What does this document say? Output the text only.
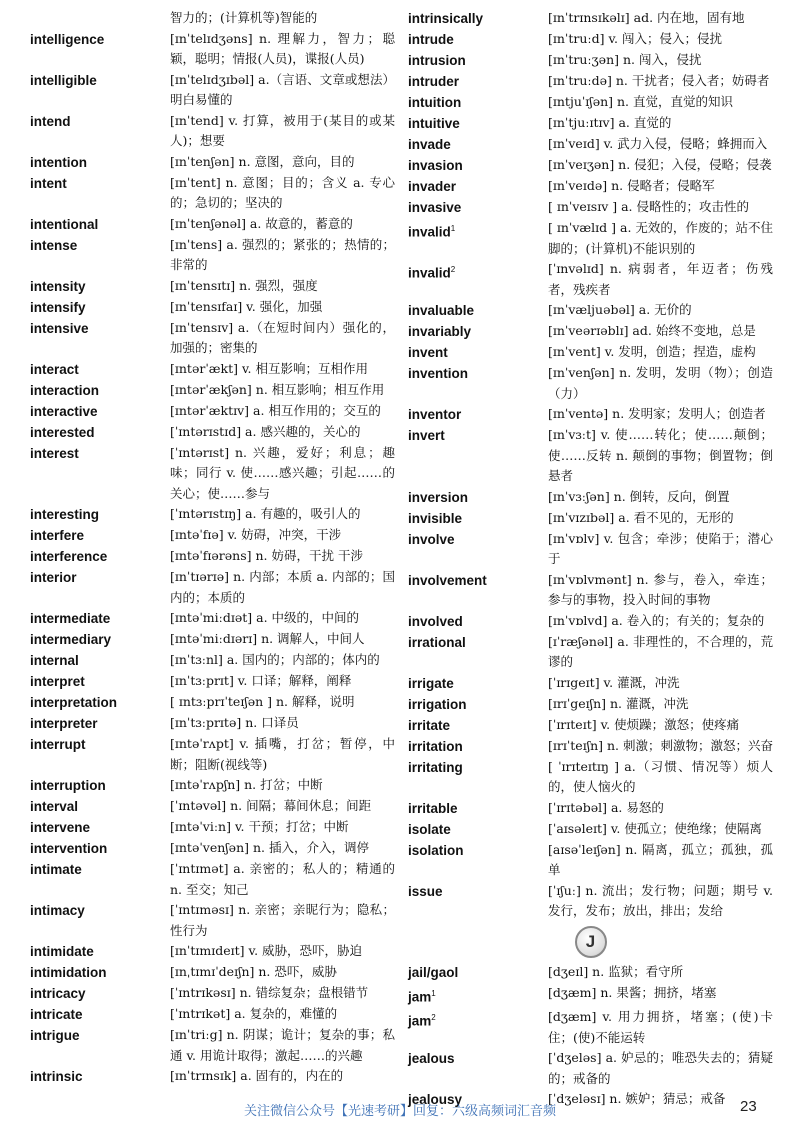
智力的；(计算机等)智能的
intelligence	[ɪnˈtelɪdʒəns] n. 理解力，智力；聪颖，聪明；情报(人员)，谍报(人员)
intelligible	[ɪnˈtelɪdʒɪbəl] a.（言语、文章或想法）明白易懂的
intend	[ɪnˈtend] v. 打算，被用于(某目的或某人)；想要
intention	[ɪnˈtenʃən] n. 意图，意向，目的
intent	[ɪnˈtent] n. 意图；目的；含义 a. 专心的；急切的；坚决的
intentional	[ɪnˈtenʃənəl] a. 故意的，蓄意的
intense	[ɪnˈtens] a. 强烈的；紧张的；热情的；非常的
intensity	[ɪnˈtensɪtɪ] n. 强烈，强度
intensify	[ɪnˈtensɪfaɪ] v. 强化，加强
intensive	[ɪnˈtensɪv] a.（在短时间内）强化的，加强的；密集的
interact	[ɪntərˈækt] v. 相互影响；互相作用
interaction	[ɪntərˈækʃən] n. 相互影响；相互作用
interactive	[ɪntərˈæktɪv] a. 相互作用的；交互的
interested	[ˈɪntərɪstɪd] a. 感兴趣的，关心的
interest	[ˈɪntərɪst] n. 兴趣，爱好；利息；趣味；同行 v. 使……感兴趣；引起……的关心；使……参与
interesting	[ˈɪntərɪstɪŋ] a. 有趣的，吸引人的
interfere	[ɪntəˈfɪə] v. 妨碍，冲突，干涉
interference	[ɪntəˈfɪərəns] n. 妨碍，干扰 干涉
interior	[ɪnˈtɪərɪə] n. 内部；本质 a. 内部的；国内的；本质的
intermediate	[ɪntəˈmiːdɪət] a. 中级的，中间的
intermediary	[ɪntəˈmiːdɪərɪ] n. 调解人，中间人
internal	[ɪnˈtɜːnl] a. 国内的；内部的；体内的
interpret	[ɪnˈtɜːprɪt] v. 口译；解释，阐释
interpretation	[ ɪntɜːprɪˈteɪʃən ] n. 解释，说明
interpreter	[ɪnˈtɜːprɪtə] n. 口译员
interrupt	[ɪntəˈrʌpt] v. 插嘴，打岔；暂停，中断；阻断(视线等)
interruption	[ɪntəˈrʌpʃn] n. 打岔；中断
interval	[ˈɪntəvəl] n. 间隔；幕间休息；间距
intervene	[ɪntəˈviːn] v. 干预；打岔；中断
intervention	[ɪntəˈvenʃən] n. 插入，介入，调停
intimate	[ˈɪntɪmət] a. 亲密的；私人的；精通的 n. 至交；知己
intimacy	[ˈɪntɪməsɪ] n. 亲密；亲昵行为；隐私；性行为
intimidate	[ɪnˈtɪmɪdeɪt] v. 威胁，恐吓，胁迫
intimidation	[ɪnˌtɪmɪˈdeɪʃn] n. 恐吓，威胁
intricacy	[ˈɪntrɪkəsɪ] n. 错综复杂；盘根错节
intricate	[ˈɪntrɪkət] a. 复杂的，难懂的
intrigue	[ɪnˈtriːg] n. 阴谋；诡计；复杂的事；私通 v. 用诡计取得；激起……的兴趣
intrinsic	[ɪnˈtrɪnsɪk] a. 固有的，内在的
intrinsically	[ɪnˈtrɪnsɪkəlɪ] ad. 内在地，固有地
intrude	[ɪnˈtruːd] v. 闯入；侵入；侵扰
intrusion	[ɪnˈtruːʒən] n. 闯入，侵扰
intruder	[ɪnˈtruːdə] n. 干扰者；侵入者；妨碍者
intuition	[ɪntjuˈɪʃən] n. 直觉，直觉的知识
intuitive	[ɪnˈtjuːɪtɪv] a. 直觉的
invade	[ɪnˈveɪd] v. 武力入侵，侵略；蜂拥而入
invasion	[ɪnˈveɪʒən] n. 侵犯；入侵，侵略；侵袭
invader	[ɪnˈveɪdə] n. 侵略者；侵略军
invasive	[ ɪnˈveɪsɪv ] a. 侵略性的；攻击性的
invalid$^1$	[ ɪnˈvælɪd ] a. 无效的，作废的；站不住脚的；(计算机)不能识别的
invalid$^2$	[ˈɪnvəlɪd] n. 病弱者，年迈者；伤残者，残疾者
invaluable	[ɪnˈvæljuəbəl] a. 无价的
invariably	[ɪnˈveərɪəblɪ] ad. 始终不变地，总是
invent	[ɪnˈvent] v. 发明，创造；捏造，虚构
invention	[ɪnˈvenʃən] n. 发明，发明（物）；创造（力）
inventor	[ɪnˈventə] n. 发明家；发明人；创造者
invert	[ɪnˈvɜːt] v. 使……转化；使……颠倒；使……反转 n. 颠倒的事物；倒置物；倒悬者
inversion	[ɪnˈvɜːʃən] n. 倒转，反向，倒置
invisible	[ɪnˈvɪzɪbəl] a. 看不见的，无形的
involve	[ɪnˈvɒlv] v. 包含；牵涉；使陷于；潜心于
involvement	[ɪnˈvɒlvmənt] n. 参与，卷入，牵连；参与的事物，投入时间的事物
involved	[ɪnˈvɒlvd] a. 卷入的；有关的；复杂的
irrational	[ɪˈræʃənəl] a. 非理性的，不合理的，荒谬的
irrigate	[ˈɪrɪgeɪt] v. 灌溉，冲洗
irrigation	[ɪrɪˈgeɪʃn] n. 灌溉，冲洗
irritate	[ˈɪrɪteɪt] v. 使烦躁；激怒；使疼痛
irritation	[ɪrɪˈteɪʃn] n. 刺激；刺激物；激怒；兴奋
irritating	[ ˈɪrɪteɪtɪŋ ] a.（习惯、情况等）烦人的，使人恼火的
irritable	[ˈɪrɪtəbəl] a. 易怒的
isolate	[ˈaɪsəleɪt] v. 使孤立；使绝缘；使隔离
isolation	[aɪsəˈleɪʃən] n. 隔离，孤立；孤独，孤单
issue	[ˈɪʃuː] n. 流出；发行物；问题；期号 v. 发行，发布；放出，排出；发给
J
jail/gaol	[dʒeɪl] n. 监狱；看守所
jam$^1$	[dʒæm] n. 果酱；拥挤，堵塞
jam$^2$	[dʒæm] v. 用力拥挤，堵塞；(使)卡住；(使)不能运转
jealous	[ˈdʒeləs] a. 妒忌的；唯恐失去的；猜疑的；戒备的
jealousy	[ˈdʒeləsɪ] n. 嫉妒；猜忌；戒备
关注微信公众号【光速考研】回复：六级高频词汇音频	23
